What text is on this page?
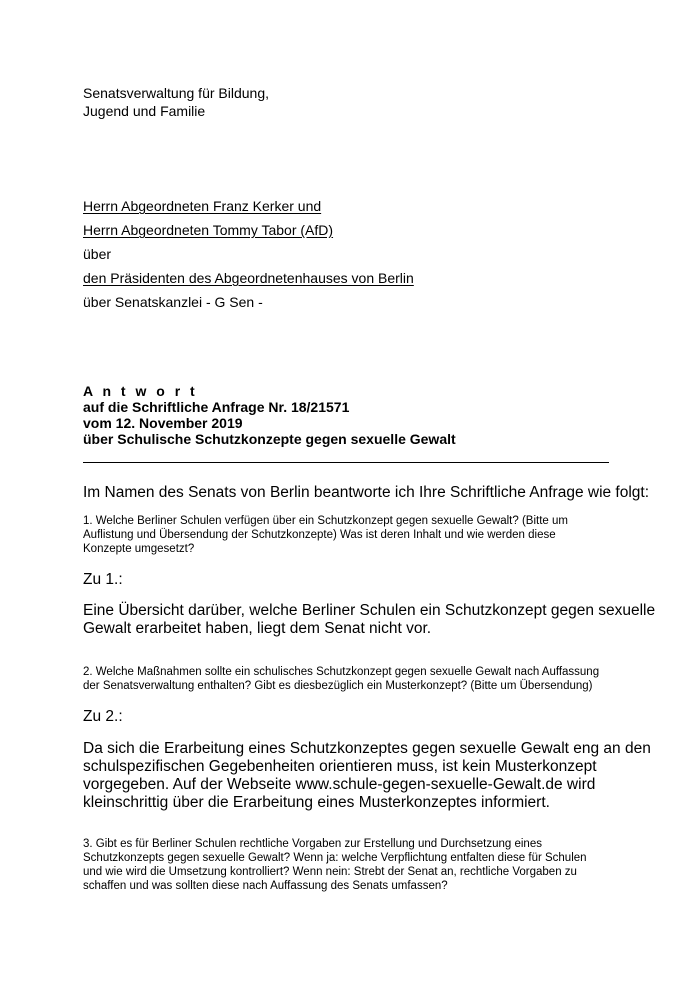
Senatsverwaltung für Bildung,
Jugend und Familie
Herrn Abgeordneten Franz Kerker und
Herrn Abgeordneten Tommy Tabor (AfD)
über
den Präsidenten des Abgeordnetenhauses von Berlin
über Senatskanzlei - G Sen -
A n t w o r t
auf die Schriftliche Anfrage Nr. 18/21571
vom 12. November 2019
über Schulische Schutzkonzepte gegen sexuelle Gewalt
Im Namen des Senats von Berlin beantworte ich Ihre Schriftliche Anfrage wie folgt:
1. Welche Berliner Schulen verfügen über ein Schutzkonzept gegen sexuelle Gewalt? (Bitte um
Auflistung und Übersendung der Schutzkonzepte) Was ist deren Inhalt und wie werden diese
Konzepte umgesetzt?
Zu 1.:
Eine Übersicht darüber, welche Berliner Schulen ein Schutzkonzept gegen sexuelle
Gewalt erarbeitet haben, liegt dem Senat nicht vor.
2. Welche Maßnahmen sollte ein schulisches Schutzkonzept gegen sexuelle Gewalt nach Auffassung
der Senatsverwaltung enthalten? Gibt es diesbezüglich ein Musterkonzept? (Bitte um Übersendung)
Zu 2.:
Da sich die Erarbeitung eines Schutzkonzeptes gegen sexuelle Gewalt eng an den
schulspezifischen Gegebenheiten orientieren muss, ist kein Musterkonzept
vorgegeben. Auf der Webseite www.schule-gegen-sexuelle-Gewalt.de wird
kleinschrittig über die Erarbeitung eines Musterkonzeptes informiert.
3. Gibt es für Berliner Schulen rechtliche Vorgaben zur Erstellung und Durchsetzung eines
Schutzkonzepts gegen sexuelle Gewalt? Wenn ja: welche Verpflichtung entfalten diese für Schulen
und wie wird die Umsetzung kontrolliert? Wenn nein: Strebt der Senat an, rechtliche Vorgaben zu
schaffen und was sollten diese nach Auffassung des Senats umfassen?
